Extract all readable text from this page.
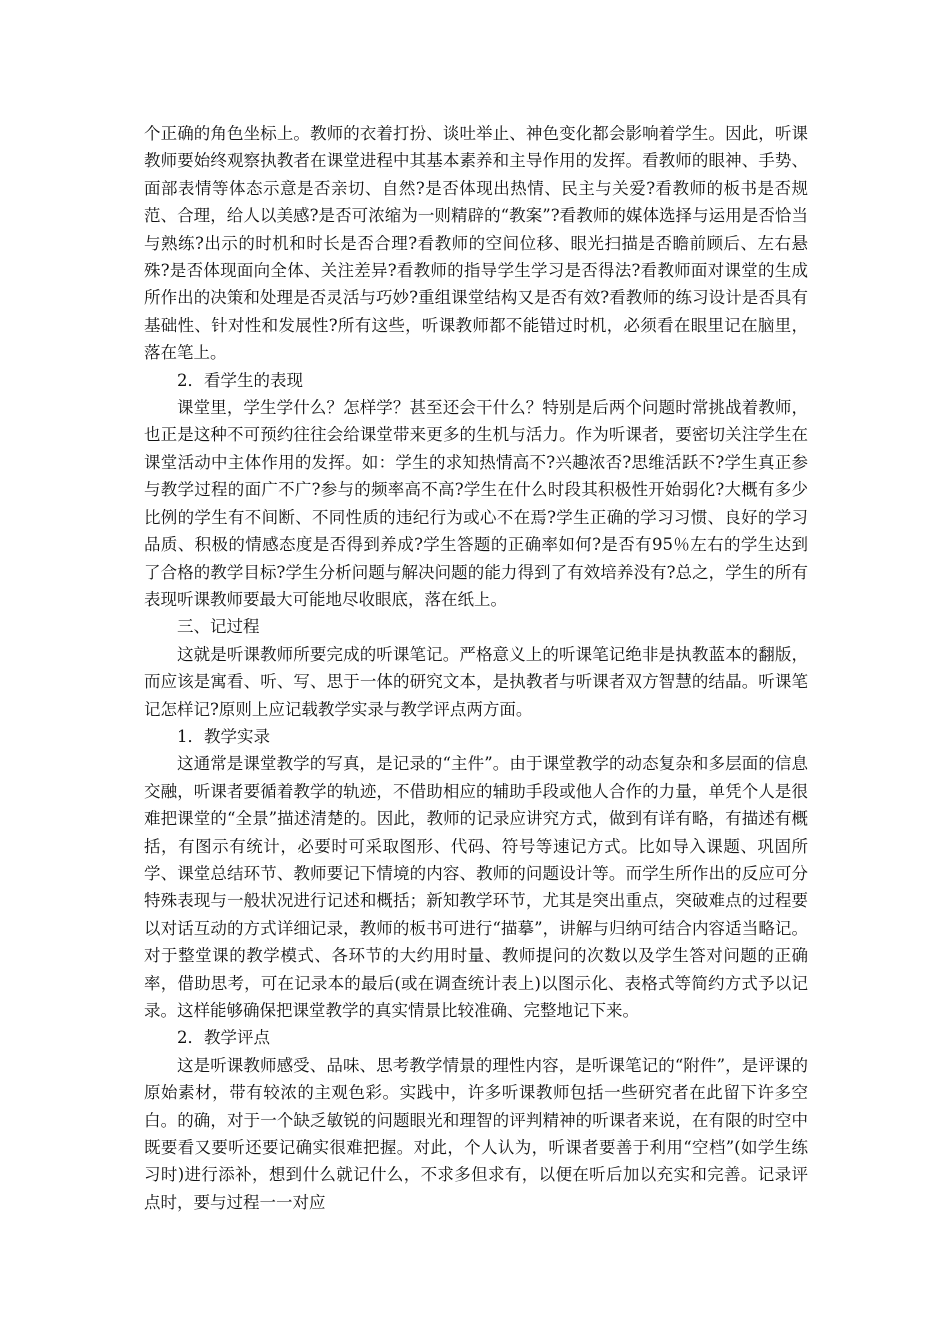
个正确的角色坐标上。教师的衣着打扮、谈吐举止、神色变化都会影响着学生。因此，听课教师要始终观察执教者在课堂进程中其基本素养和主导作用的发挥。看教师的眼神、手势、面部表情等体态示意是否亲切、自然?是否体现出热情、民主与关爱?看教师的板书是否规范、合理，给人以美感?是否可浓缩为一则精辟的“教案”?看教师的媒体选择与运用是否恰当与熟练?出示的时机和时长是否合理?看教师的空间位移、眼光扫描是否瞻前顾后、左右悬殊?是否体现面向全体、关注差异?看教师的指导学生学习是否得法?看教师面对课堂的生成所作出的决策和处理是否灵活与巧妙?重组课堂结构又是否有效?看教师的练习设计是否具有基础性、针对性和发展性?所有这些，听课教师都不能错过时机，必须看在眼里记在脑里，落在笔上。

2．看学生的表现

课堂里，学生学什么？怎样学？甚至还会干什么？特别是后两个问题时常挑战着教师，也正是这种不可预约往往会给课堂带来更多的生机与活力。作为听课者，要密切关注学生在课堂活动中主体作用的发挥。如：学生的求知热情高不?兴趣浓否?思维活跃不?学生真正参与教学过程的面广不广?参与的频率高不高?学生在什么时段其积极性开始弱化?大概有多少比例的学生有不间断、不同性质的违纪行为或心不在焉?学生正确的学习习惯、良好的学习品质、积极的情感态度是否得到养成?学生答题的正确率如何?是否有95％左右的学生达到了合格的教学目标?学生分析问题与解决问题的能力得到了有效培养没有?总之，学生的所有表现听课教师要最大可能地尽收眼底，落在纸上。

三、记过程

这就是听课教师所要完成的听课笔记。严格意义上的听课笔记绝非是执教蓝本的翻版，而应该是寓看、听、写、思于一体的研究文本，是执教者与听课者双方智慧的结晶。听课笔记怎样记?原则上应记载教学实录与教学评点两方面。

1．教学实录

这通常是课堂教学的写真，是记录的“主件”。由于课堂教学的动态复杂和多层面的信息交融，听课者要循着教学的轨迹，不借助相应的辅助手段或他人合作的力量，单凭个人是很难把课堂的“全景”描述清楚的。因此，教师的记录应讲究方式，做到有详有略，有描述有概括，有图示有统计，必要时可采取图形、代码、符号等速记方式。比如导入课题、巩固所学、课堂总结环节、教师要记下情境的内容、教师的问题设计等。而学生所作出的反应可分特殊表现与一般状况进行记述和概括；新知教学环节，尤其是突出重点，突破难点的过程要以对话互动的方式详细记录，教师的板书可进行“描摹”，讲解与归纳可结合内容适当略记。对于整堂课的教学模式、各环节的大约用时量、教师提问的次数以及学生答对问题的正确率，借助思考，可在记录本的最后(或在调查统计表上)以图示化、表格式等简约方式予以记录。这样能够确保把课堂教学的真实情景比较准确、完整地记下来。

2．教学评点

这是听课教师感受、品味、思考教学情景的理性内容，是听课笔记的“附件”，是评课的原始素材，带有较浓的主观色彩。实践中，许多听课教师包括一些研究者在此留下许多空白。的确，对于一个缺乏敏锐的问题眼光和理智的评判精神的听课者来说，在有限的时空中既要看又要听还要记确实很难把握。对此，个人认为，听课者要善于利用“空档”(如学生练习时)进行添补，想到什么就记什么，不求多但求有，以便在听后加以充实和完善。记录评点时，要与过程一一对应
